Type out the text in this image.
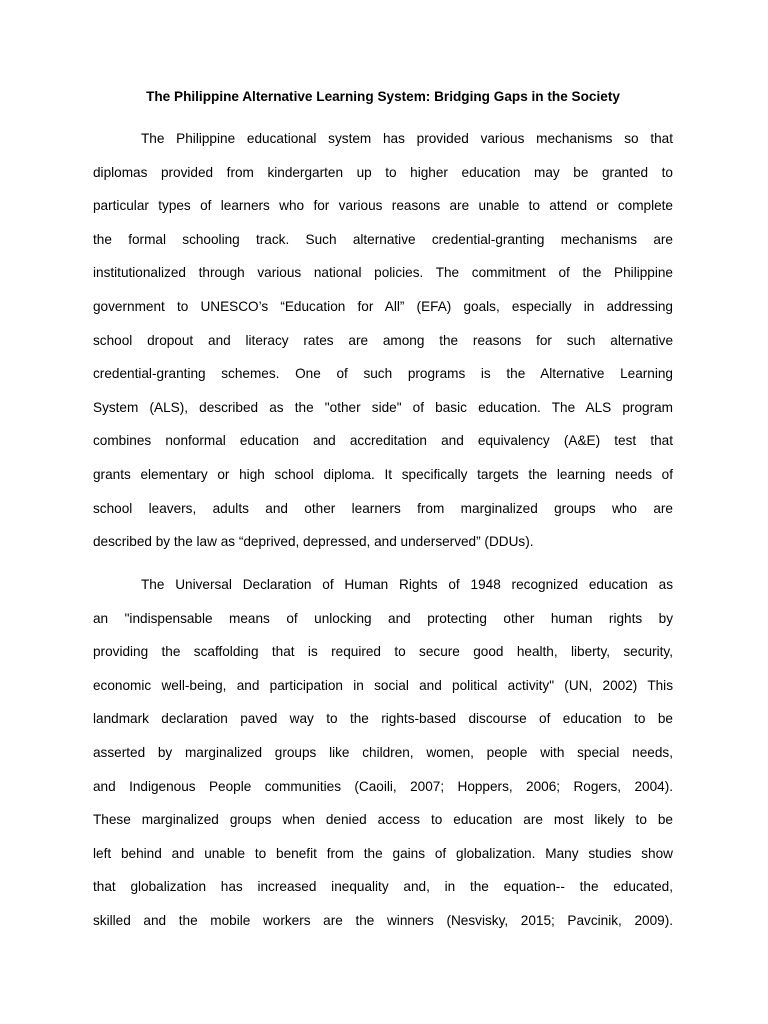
The Philippine Alternative Learning System: Bridging Gaps in the Society
The Philippine educational system has provided various mechanisms so that
diplomas provided from kindergarten up to higher education may be granted to
particular types of learners who for various reasons are unable to attend or complete
the formal schooling track. Such alternative credential-granting mechanisms are
institutionalized through various national policies. The commitment of the Philippine
government to UNESCO’s “Education for All” (EFA) goals, especially in addressing
school dropout and literacy rates are among the reasons for such alternative
credential-granting schemes. One of such programs is the Alternative Learning
System (ALS), described as the "other side" of basic education. The ALS program
combines nonformal education and accreditation and equivalency (A&E) test that
grants elementary or high school diploma. It specifically targets the learning needs of
school leavers, adults and other learners from marginalized groups who are
described by the law as “deprived, depressed, and underserved” (DDUs).
The Universal Declaration of Human Rights of 1948 recognized education as
an "indispensable means of unlocking and protecting other human rights by
providing the scaffolding that is required to secure good health, liberty, security,
economic well-being, and participation in social and political activity" (UN, 2002) This
landmark declaration paved way to the rights-based discourse of education to be
asserted by marginalized groups like children, women, people with special needs,
and Indigenous People communities (Caoili, 2007; Hoppers, 2006; Rogers, 2004).
These marginalized groups when denied access to education are most likely to be
left behind and unable to benefit from the gains of globalization. Many studies show
that globalization has increased inequality and, in the equation-- the educated,
skilled and the mobile workers are the winners (Nesvisky, 2015; Pavcinik, 2009).
